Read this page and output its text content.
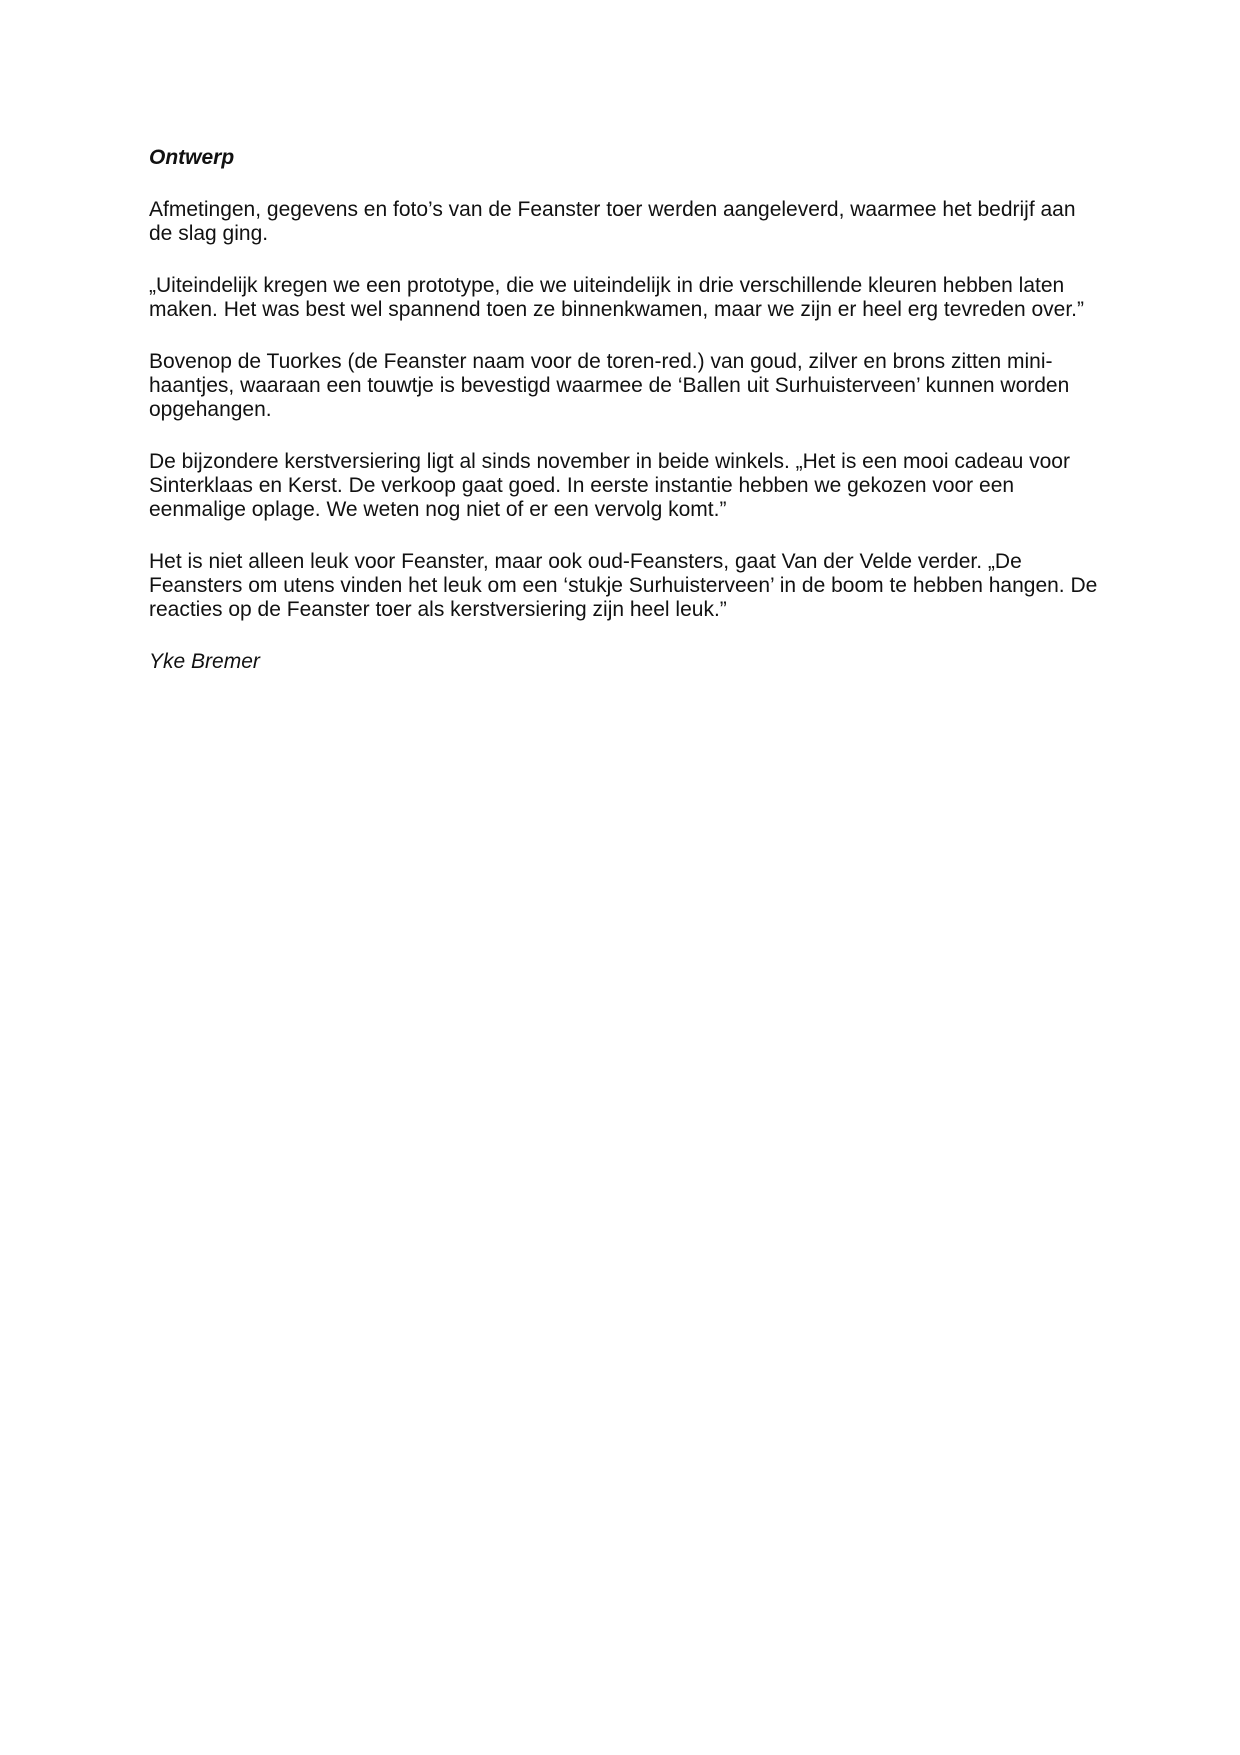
Ontwerp

Afmetingen, gegevens en foto’s van de Feanster toer werden aangeleverd, waarmee het bedrijf aan
de slag ging.

„Uiteindelijk kregen we een prototype, die we uiteindelijk in drie verschillende kleuren hebben laten
maken. Het was best wel spannend toen ze binnenkwamen, maar we zijn er heel erg tevreden over.”

Bovenop de Tuorkes (de Feanster naam voor de toren-red.) van goud, zilver en brons zitten mini-
haantjes, waaraan een touwtje is bevestigd waarmee de ‘Ballen uit Surhuisterveen’ kunnen worden
opgehangen.

De bijzondere kerstversiering ligt al sinds november in beide winkels. „Het is een mooi cadeau voor
Sinterklaas en Kerst. De verkoop gaat goed. In eerste instantie hebben we gekozen voor een
eenmalige oplage. We weten nog niet of er een vervolg komt.”

Het is niet alleen leuk voor Feanster, maar ook oud-Feansters, gaat Van der Velde verder. „De
Feansters om utens vinden het leuk om een ‘stukje Surhuisterveen’ in de boom te hebben hangen. De
reacties op de Feanster toer als kerstversiering zijn heel leuk.”

Yke Bremer
